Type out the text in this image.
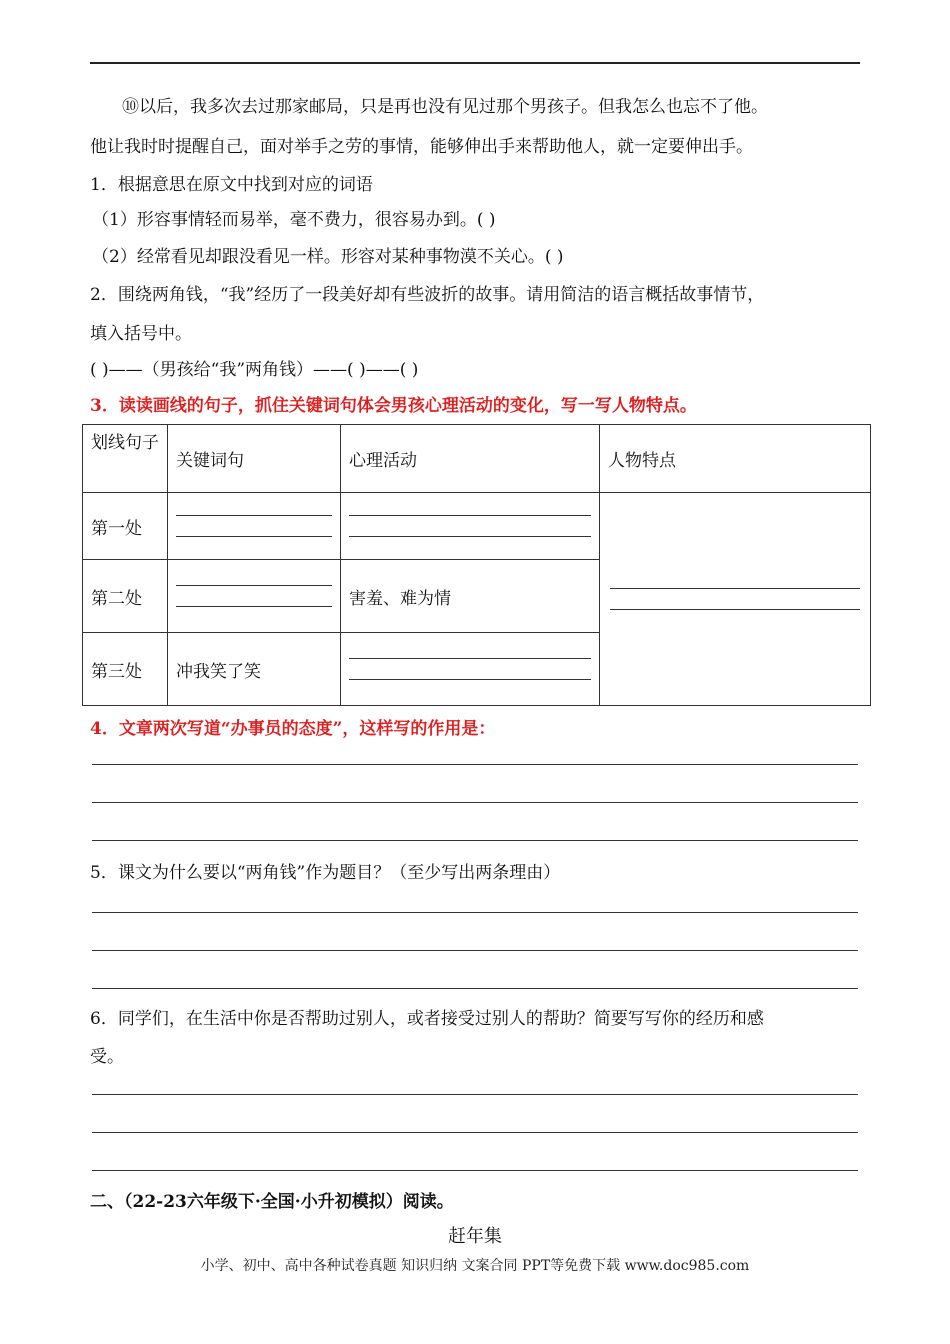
⑩以后，我多次去过那家邮局，只是再也没有见过那个男孩子。但我怎么也忘不了他。
他让我时时提醒自己，面对举手之劳的事情，能够伸出手来帮助他人，就一定要伸出手。
1．根据意思在原文中找到对应的词语
（1）形容事情轻而易举，毫不费力，很容易办到。( )
（2）经常看见却跟没看见一样。形容对某种事物漠不关心。( )
2．围绕两角钱，“我”经历了一段美好却有些波折的故事。请用简洁的语言概括故事情节，
填入括号中。
( )——（男孩给“我”两角钱）——( )——( )
3．读读画线的句子，抓住关键词句体会男孩心理活动的变化，写一写人物特点。
划线句子	关键词句	心理活动	人物特点
第一处	

第二处		害羞、难为情	
第三处	冲我笑了笑		
4．文章两次写道“办事员的态度”，这样写的作用是：
5．课文为什么要以“两角钱”作为题目？（至少写出两条理由）
6．同学们，在生活中你是否帮助过别人，或者接受过别人的帮助？简要写写你的经历和感
受。
二、（22-23六年级下·全国·小升初模拟）阅读。
赶年集
小学、初中、高中各种试卷真题 知识归纳 文案合同 PPT等免费下载 www.doc985.com
